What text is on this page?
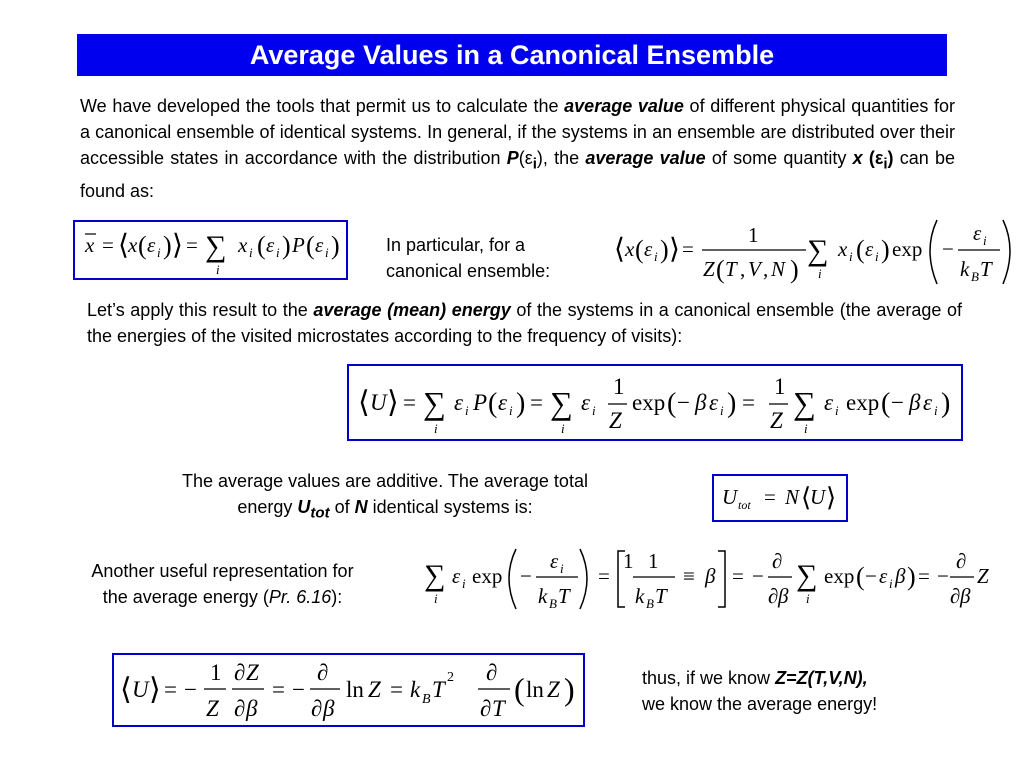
Average Values in a Canonical Ensemble
We have developed the tools that permit us to calculate the average value of different physical quantities for a canonical ensemble of identical systems. In general, if the systems in an ensemble are distributed over their accessible states in accordance with the distribution $P(\varepsilon_i)$, the average value of some quantity x $(\varepsilon_i)$ can be found as:
x = ⟨ x ( ε i ) ⟩ = ∑
i
x i ( ε i ) P ( ε i )	In particular, for a
canonical ensemble:
⟨ x ( ε i ) ⟩ =
1
Z ( T , V , N )
∑
i
x i ( ε i ) exp −
ε i
k B T
Let’s apply this result to the average (mean) energy of the systems in a canonical ensemble (the average of the energies of the visited microstates according to the frequency of visits):
⟨ U ⟩ = ∑
i
ε i P ( ε i ) = ∑
i
ε i
1
Z
exp ( − β ε i ) =
1
Z ∑
i
ε i exp ( − β ε i )
The average values are additive. The average total
energy $U_{tot}$ of N identical systems is:	U tot = N ⟨
U ⟩
Another useful representation for
the average energy (Pr. 6.16):
∑
i
ε i exp −
ε i
k B T
=
1 1
k B T
≡ β = −
∂
∂ β
∑
i
exp ( − ε i β ) = −
∂
∂ β
Z
⟨ U ⟩ = −
1
Z
∂ Z
∂ β
= −
∂
∂ β
ln Z = k B T 2 ∂
∂ T
( ln Z )	thus, if we know Z=Z(T,V,N),
we know the average energy!
